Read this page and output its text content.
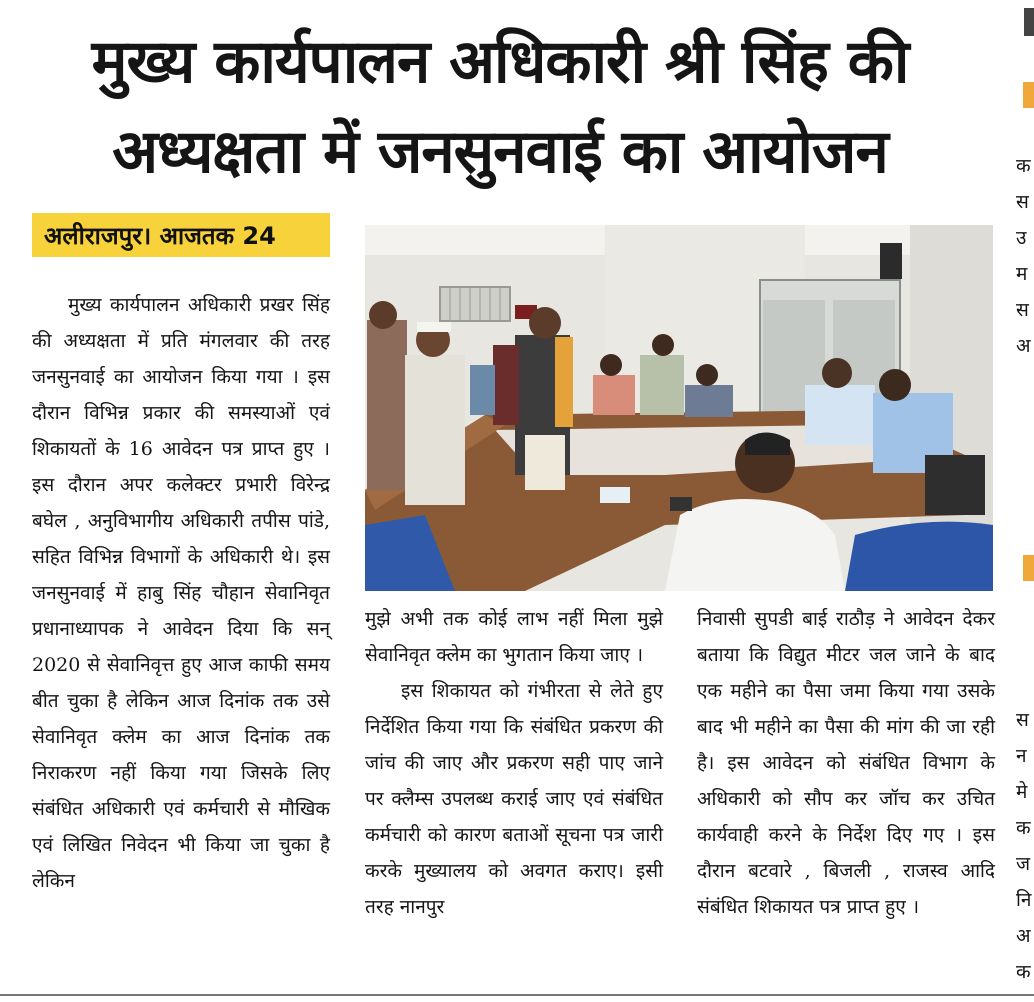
मुख्य कार्यपालन अधिकारी श्री सिंह की
अध्यक्षता में जनसुनवाई का आयोजन
अलीराजपुर। आजतक 24

मुख्य कार्यपालन अधिकारी प्रखर सिंह की अध्यक्षता में प्रति मंगलवार की तरह जनसुनवाई का आयोजन किया गया । इस दौरान विभिन्न प्रकार की समस्याओं एवं शिकायतों के 16 आवेदन पत्र प्राप्त हुए । इस दौरान अपर कलेक्टर प्रभारी विरेन्द्र बघेल , अनुविभागीय अधिकारी तपीस पांडे, सहित विभिन्न विभागों के अधिकारी थे। इस जनसुनवाई में हाबु सिंह चौहान सेवानिवृत प्रधानाध्यापक ने आवेदन दिया कि सन् 2020 से सेवानिवृत्त हुए आज काफी समय बीत चुका है लेकिन आज दिनांक तक उसे सेवानिवृत क्लेम का आज दिनांक तक निराकरण नहीं किया गया जिसके लिए संबंधित अधिकारी एवं कर्मचारी से मौखिक एवं लिखित निवेदन भी किया जा चुका है लेकिन

मुझे अभी तक कोई लाभ नहीं मिला मुझे सेवानिवृत क्लेम का भुगतान किया जाए ।

इस शिकायत को गंभीरता से लेते हुए निर्देशित किया गया कि संबंधित प्रकरण की जांच की जाए और प्रकरण सही पाए जाने पर क्लैम्स उपलब्ध कराई जाए एवं संबंधित कर्मचारी को कारण बताओं सूचना पत्र जारी करके मुख्यालय को अवगत कराए। इसी तरह नानपुर

निवासी सुपडी बाई राठौड़ ने आवेदन देकर बताया कि विद्युत मीटर जल जाने के बाद एक महीने का पैसा जमा किया गया उसके बाद भी महीने का पैसा की मांग की जा रही है। इस आवेदन को संबंधित विभाग के अधिकारी को सौप कर जॉच कर उचित कार्यवाही करने के निर्देश दिए गए । इस दौरान बटवारे , बिजली , राजस्व आदि संबंधित शिकायत पत्र प्राप्त हुए ।

क
स
उ
म
स
अ
स
न
मे
क
ज
नि
अ
क
